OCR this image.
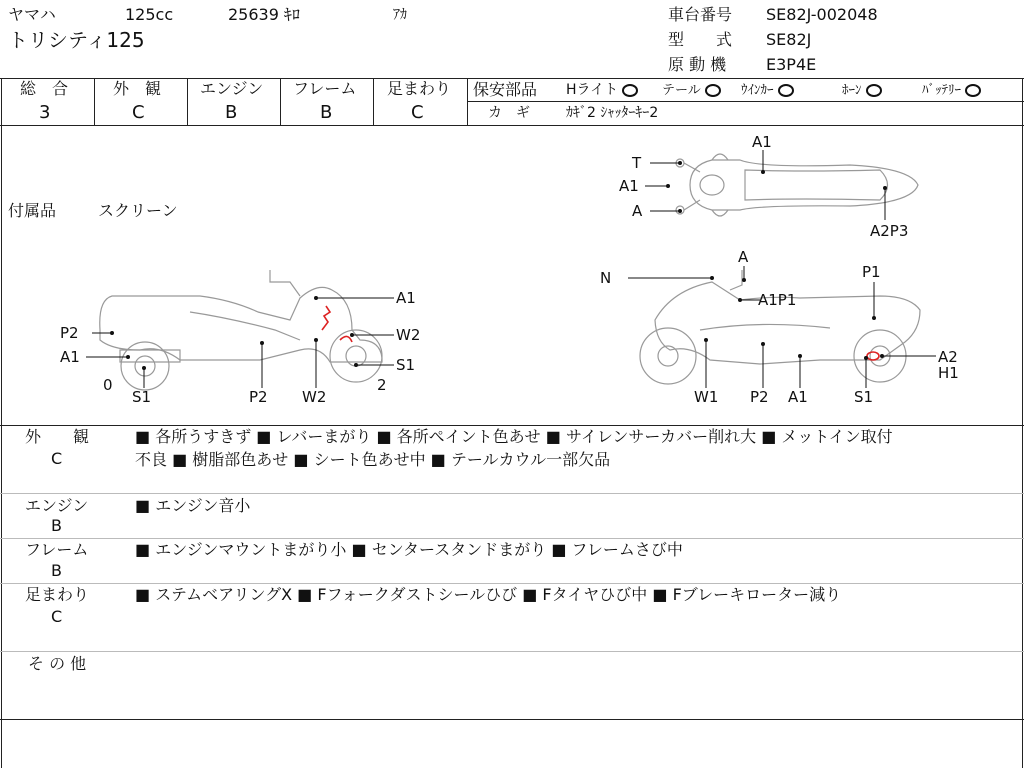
ヤマハ	125cc	25639 ｷﾛ	ｱｶ
トリシティ125
車台番号 SE82J-002048
型　　式 SE82J
原 動 機 E3P4E
総　合
3
外　観
C
エンジン
B
フレーム
B
足まわり
C
保安部品 Hライト	テール	ｳｲﾝｶｰ	ﾎｰﾝ	ﾊﾞｯﾃﾘｰ
カ　ギ	ｶｷﾞ2 ｼｬｯﾀｰｷｰ2
付属品	スクリーン
T
A1
A
A1
A2P3
P2
A1
0
S1	P2 W2
A1
W2
S1
2
N
A
A1P1
P1
A2
H1
W1 P2 A1	S1
外　　観
C
■ 各所うすきず ■ レバーまがり ■ 各所ペイント色あせ ■ サイレンサーカバー削れ大 ■ メットイン取付
不良 ■ 樹脂部色あせ ■ シート色あせ中 ■ テールカウル一部欠品
エンジン
B
■ エンジン音小
フレーム
B
■ エンジンマウントまがり小 ■ センタースタンドまがり ■ フレームさび中
足まわり
C
■ ステムベアリングX ■ Fフォークダストシールひび ■ Fタイヤひび中 ■ Fブレーキローター減り
そ の 他
